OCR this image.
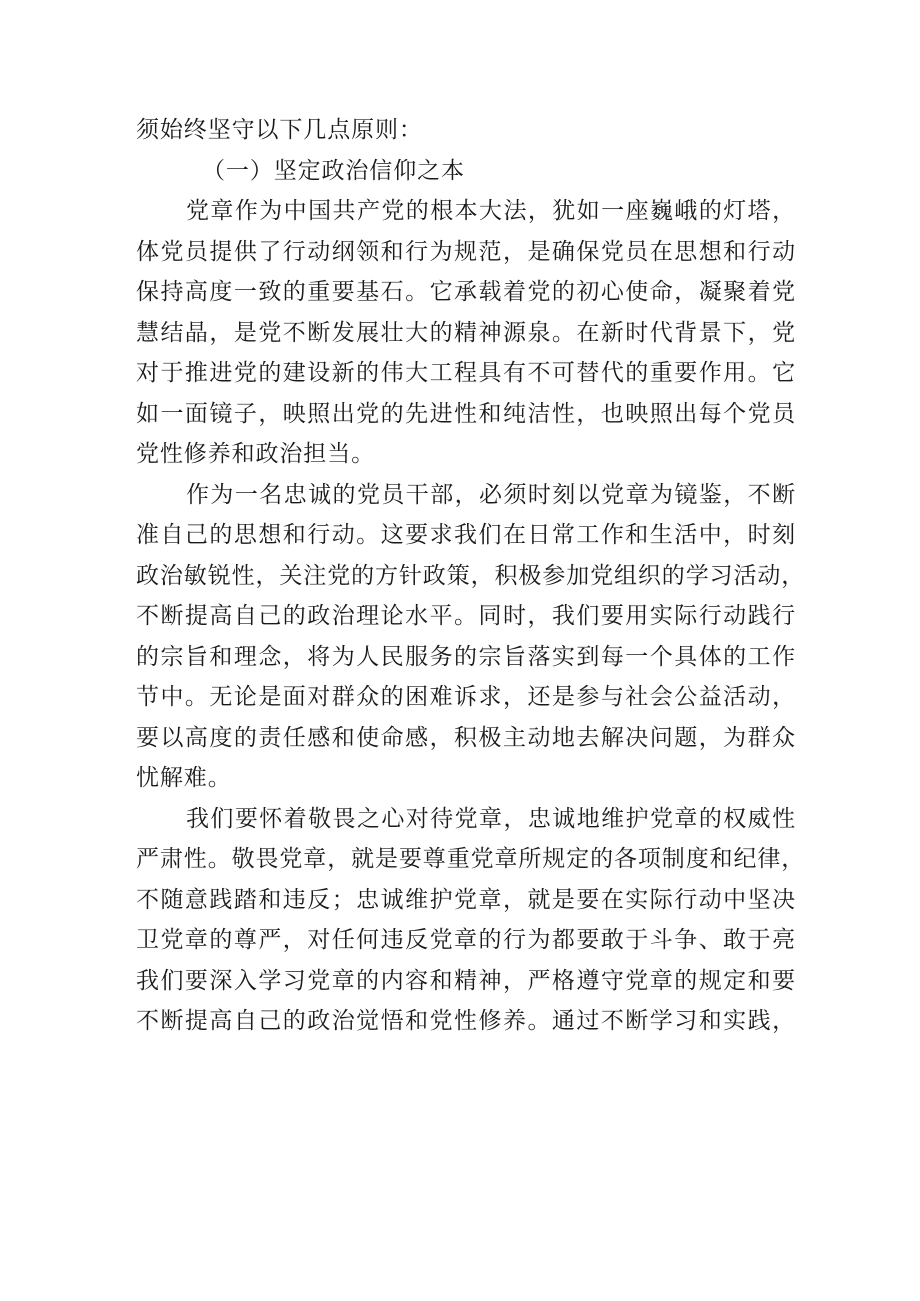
须始终坚守以下几点原则：
（一）坚定政治信仰之本
党章作为中国共产党的根本大法，犹如一座巍峨的灯塔，
体党员提供了行动纲领和行为规范，是确保党员在思想和行动
保持高度一致的重要基石。它承载着党的初心使命，凝聚着党
慧结晶，是党不断发展壮大的精神源泉。在新时代背景下，党
对于推进党的建设新的伟大工程具有不可替代的重要作用。它
如一面镜子，映照出党的先进性和纯洁性，也映照出每个党员
党性修养和政治担当。
作为一名忠诚的党员干部，必须时刻以党章为镜鉴，不断
准自己的思想和行动。这要求我们在日常工作和生活中，时刻
政治敏锐性，关注党的方针政策，积极参加党组织的学习活动，
不断提高自己的政治理论水平。同时，我们要用实际行动践行
的宗旨和理念，将为人民服务的宗旨落实到每一个具体的工作
节中。无论是面对群众的困难诉求，还是参与社会公益活动，
要以高度的责任感和使命感，积极主动地去解决问题，为群众
忧解难。
我们要怀着敬畏之心对待党章，忠诚地维护党章的权威性
严肃性。敬畏党章，就是要尊重党章所规定的各项制度和纪律，
不随意践踏和违反；忠诚维护党章，就是要在实际行动中坚决
卫党章的尊严，对任何违反党章的行为都要敢于斗争、敢于亮
我们要深入学习党章的内容和精神，严格遵守党章的规定和要
不断提高自己的政治觉悟和党性修养。通过不断学习和实践，
